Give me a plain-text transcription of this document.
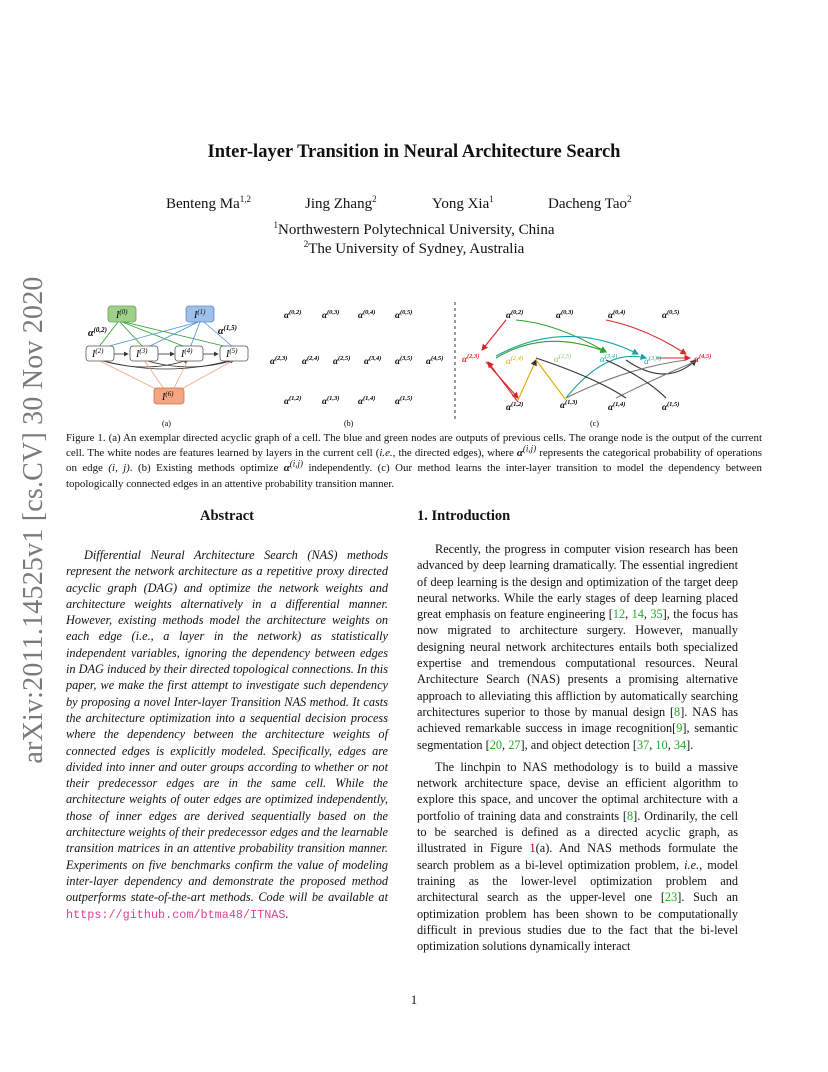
arXiv:2011.14525v1 [cs.CV] 30 Nov 2020
Inter-layer Transition in Neural Architecture Search
Benteng Ma$^{1,2}$	Jing Zhang$^2$	Yong Xia$^1$	Dacheng Tao$^2$
$^1$Northwestern Polytechnical University, China
$^2$The University of Sydney, Australia
$I^{(0)}$	$I^{(1)}$
$I^{(2)}$	$I^{(3)}$	$I^{(4)}$	$I^{(5)}$
$I^{(6)}$
$\alpha^{(0,2)}$	$\alpha^{(1,5)}$
(a)
$\alpha^{(0,2)}$ $\alpha^{(0,3)}$ $\alpha^{(0,4)}$ $\alpha^{(0,5)}$
$\alpha^{(2,3)}$ $\alpha^{(2,4)}$ $\alpha^{(2,5)}$ $\alpha^{(3,4)}$ $\alpha^{(3,5)}$ $\alpha^{(4,5)}$
$\alpha^{(1,2)}$ $\alpha^{(1,3)}$ $\alpha^{(1,4)}$ $\alpha^{(1,5)}$
(b)
$\alpha^{(0,2)}$	$\alpha^{(0,3)}$	$\alpha^{(0,4)}$	$\alpha^{(0,5)}$
$\alpha^{(2,3)}$	$\alpha^{(2,4)}$	$\alpha^{(2,5)}$	$\alpha^{(3,4)}$	$\alpha^{(3,5)}$	$\alpha^{(4,5)}$
$\alpha^{(1,2)}$	$\alpha^{(1,3)}$	$\alpha^{(1,4)}$	$\alpha^{(1,5)}$
(c)
Figure 1. (a) An exemplar directed acyclic graph of a cell. The blue and green nodes are outputs of previous cells. The orange node is the output of the current cell. The white nodes are features learned by layers in the current cell (i.e., the directed edges), where $\alpha^{(i,j)}$ represents the categorical probability of operations on edge (i, j). (b) Existing methods optimize $\alpha^{(i,j)}$ independently. (c) Our method learns the inter-layer transition to model the dependency between topologically connected edges in an attentive probability transition manner.
Abstract
Differential Neural Architecture Search (NAS) methods represent the network architecture as a repetitive proxy directed acyclic graph (DAG) and optimize the network weights and architecture weights alternatively in a differential manner. However, existing methods model the architecture weights on each edge (i.e., a layer in the network) as statistically independent variables, ignoring the dependency between edges in DAG induced by their directed topological connections. In this paper, we make the first attempt to investigate such dependency by proposing a novel Inter-layer Transition NAS method. It casts the architecture optimization into a sequential decision process where the dependency between the architecture weights of connected edges is explicitly modeled. Specifically, edges are divided into inner and outer groups according to whether or not their predecessor edges are in the same cell. While the architecture weights of outer edges are optimized independently, those of inner edges are derived sequentially based on the architecture weights of their predecessor edges and the learnable transition matrices in an attentive probability transition manner. Experiments on five benchmarks confirm the value of modeling inter-layer dependency and demonstrate the proposed method outperforms state-of-the-art methods. Code will be available at https://github.com/btma48/ITNAS.
1. Introduction

Recently, the progress in computer vision research has been advanced by deep learning dramatically. The essential ingredient of deep learning is the design and optimization of the target deep neural networks. While the early stages of deep learning placed great emphasis on feature engineering [12, 14, 35], the focus has now migrated to architecture surgery. However, manually designing neural network architectures entails both specialized expertise and tremendous computational resources. Neural Architecture Search (NAS) presents a promising alternative approach to alleviating this affliction by automatically searching architectures superior to those by manual design [8]. NAS has achieved remarkable success in image recognition[9], semantic segmentation [20, 27], and object detection [37, 10, 34].

The linchpin to NAS methodology is to build a massive network architecture space, devise an efficient algorithm to explore this space, and uncover the optimal architecture with a portfolio of training data and constraints [8]. Ordinarily, the cell to be searched is defined as a directed acyclic graph, as illustrated in Figure 1(a). And NAS methods formulate the search problem as a bi-level optimization problem, i.e., model training as the lower-level optimization problem and architectural search as the upper-level one [23]. Such an optimization problem has been shown to be computationally difficult in previous studies due to the fact that the bi-level optimization solutions dynamically interact

1
